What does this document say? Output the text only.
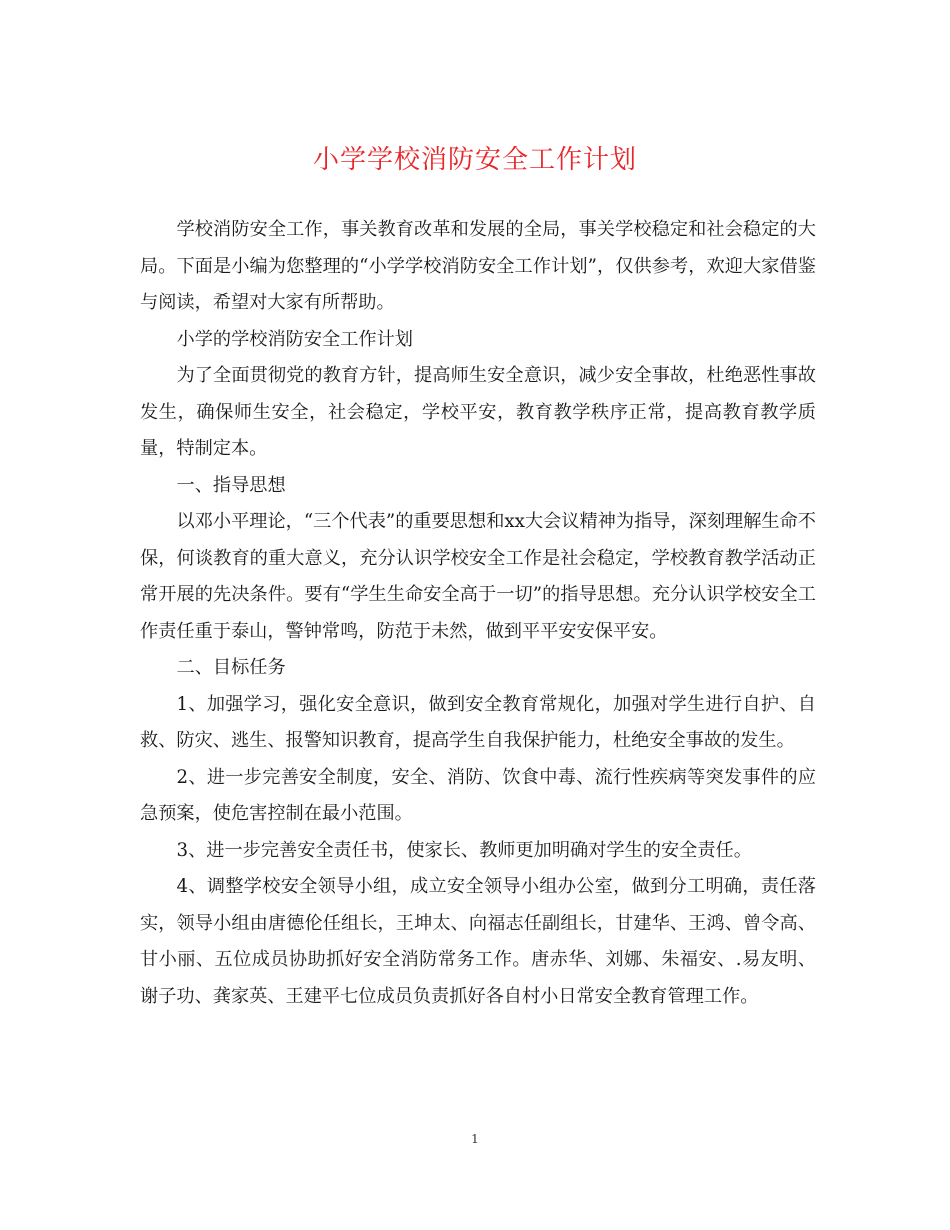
小学学校消防安全工作计划

学校消防安全工作，事关教育改革和发展的全局，事关学校稳定和社会稳定的大局。下面是小编为您整理的“小学学校消防安全工作计划”，仅供参考，欢迎大家借鉴与阅读，希望对大家有所帮助。

小学的学校消防安全工作计划

为了全面贯彻党的教育方针，提高师生安全意识，减少安全事故，杜绝恶性事故发生，确保师生安全，社会稳定，学校平安，教育教学秩序正常，提高教育教学质量，特制定本。

一、指导思想

以邓小平理论，“三个代表”的重要思想和xx大会议精神为指导，深刻理解生命不保，何谈教育的重大意义，充分认识学校安全工作是社会稳定，学校教育教学活动正常开展的先决条件。要有“学生生命安全高于一切”的指导思想。充分认识学校安全工作责任重于泰山，警钟常鸣，防范于未然，做到平平安安保平安。

二、目标任务

1、加强学习，强化安全意识，做到安全教育常规化，加强对学生进行自护、自救、防灾、逃生、报警知识教育，提高学生自我保护能力，杜绝安全事故的发生。

2、进一步完善安全制度，安全、消防、饮食中毒、流行性疾病等突发事件的应急预案，使危害控制在最小范围。

3、进一步完善安全责任书，使家长、教师更加明确对学生的安全责任。

4、调整学校安全领导小组，成立安全领导小组办公室，做到分工明确，责任落实，领导小组由唐德伦任组长，王坤太、向福志任副组长，甘建华、王鸿、曾令高、甘小丽、五位成员协助抓好安全消防常务工作。唐赤华、刘娜、朱福安、.易友明、谢子功、龚家英、王建平七位成员负责抓好各自村小日常安全教育管理工作。

1
